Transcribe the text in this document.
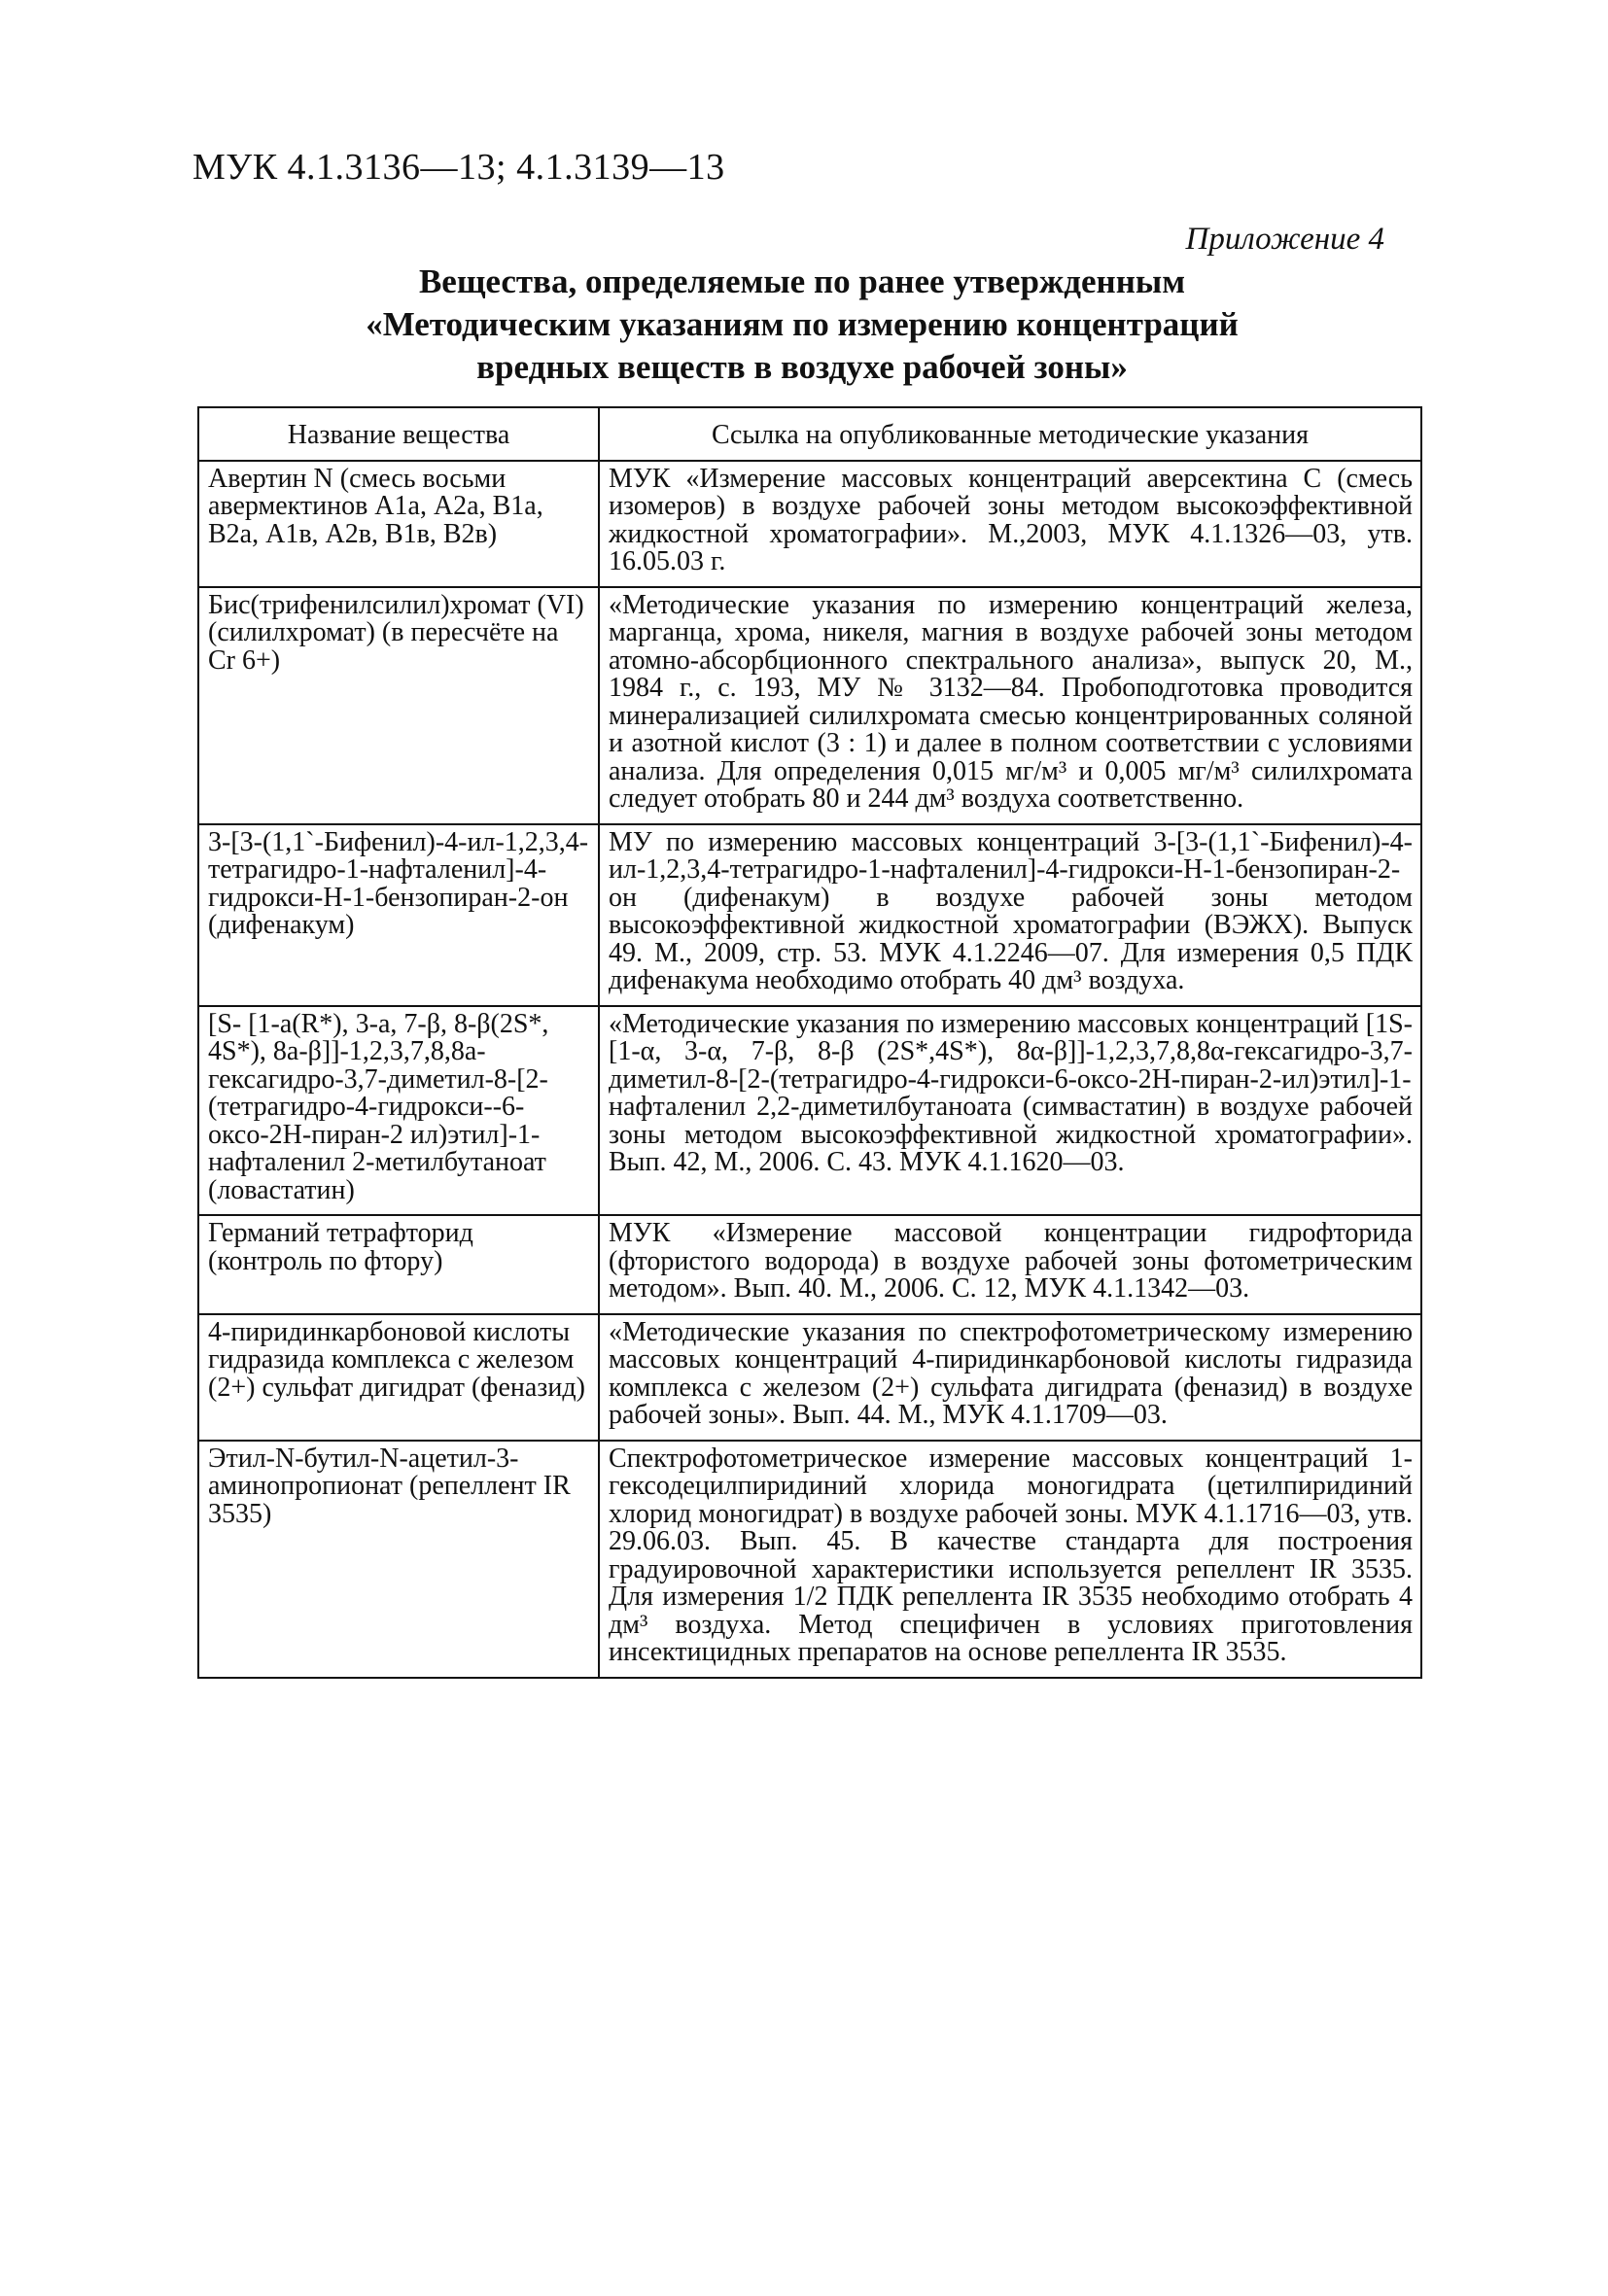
МУК 4.1.3136—13; 4.1.3139—13
Приложение 4
Вещества, определяемые по ранее утвержденным
«Методическим указаниям по измерению концентраций
вредных веществ в воздухе рабочей зоны»
Название вещества	Ссылка на опубликованные методические указания
Авертин N (смесь восьми авермектинов А1а, А2а, В1а, В2а, А1в, А2в, В1в, В2в)	МУК «Измерение массовых концентраций аверсектина С (смесь изомеров) в воздухе рабочей зоны методом высокоэффективной жидкостной хроматографии». М.,2003, МУК 4.1.1326—03, утв. 16.05.03 г.
Бис(трифенилсилил)хромат (VI) (силилхромат) (в пересчёте на Cr 6+)	«Методические указания по измерению концентраций железа, марганца, хрома, никеля, магния в воздухе рабочей зоны методом атомно-абсорбционного спектрального анализа», выпуск 20, М., 1984 г., с. 193, МУ № 3132—84. Пробоподготовка проводится минерализацией силилхромата смесью концентрированных соляной и азотной кислот (3 : 1) и далее в полном соответствии с условиями анализа. Для определения 0,015 мг/м³ и 0,005 мг/м³ силилхромата следует отобрать 80 и 244 дм³ воздуха соответственно.
3-[3-(1,1`-Бифенил)-4-ил-1,2,3,4-тетрагидро-1-нафталенил]-4-гидрокси-Н-1-бензопиран-2-он (дифенакум)	МУ по измерению массовых концентраций 3-[3-(1,1`-Бифенил)-4-ил-1,2,3,4-тетрагидро-1-нафталенил]-4-гидрокси-Н-1-бензопиран-2-он (дифенакум) в воздухе рабочей зоны методом высокоэффективной жидкостной хроматографии (ВЭЖХ). Выпуск 49. М., 2009, стр. 53. МУК 4.1.2246—07. Для измерения 0,5 ПДК дифенакума необходимо отобрать 40 дм³ воздуха.
[S- [1-a(R*), 3-a, 7-β, 8-β(2S*, 4S*), 8a-β]]-1,2,3,7,8,8a-гексагидро-3,7-диметил-8-[2-(тетрагидро-4-гидрокси--6-оксо-2Н-пиран-2 ил)этил]-1-нафталенил 2-метилбутаноат (ловастатин)	«Методические указания по измерению массовых концентраций [1S-[1-α, 3-α, 7-β, 8-β (2S*,4S*), 8α-β]]-1,2,3,7,8,8α-гексагидро-3,7-диметил-8-[2-(тетрагидро-4-гидрокси-6-оксо-2Н-пиран-2-ил)этил]-1-нафталенил 2,2-диметилбутаноата (симвастатин) в воздухе рабочей зоны методом высокоэффективной жидкостной хроматографии». Вып. 42, М., 2006. С. 43. МУК 4.1.1620—03.
Германий тетрафторид (контроль по фтору)	МУК «Измерение массовой концентрации гидрофторида (фтористого водорода) в воздухе рабочей зоны фотометрическим методом». Вып. 40. М., 2006. С. 12, МУК 4.1.1342—03.
4-пиридинкарбоновой кислоты гидразида комплекса с железом (2+) сульфат дигидрат (феназид)	«Методические указания по спектрофотометрическому измерению массовых концентраций 4-пиридинкарбоновой кислоты гидразида комплекса с железом (2+) сульфата дигидрата (феназид) в воздухе рабочей зоны». Вып. 44. М., МУК 4.1.1709—03.
Этил-N-бутил-N-ацетил-3-аминопропионат (репеллент IR 3535)	Спектрофотометрическое измерение массовых концентраций 1-гексодецилпиридиний хлорида моногидрата (цетилпиридиний хлорид моногидрат) в воздухе рабочей зоны. МУК 4.1.1716—03, утв. 29.06.03. Вып. 45. В качестве стандарта для построения градуировочной характеристики используется репеллент IR 3535. Для измерения 1/2 ПДК репеллента IR 3535 необходимо отобрать 4 дм³ воздуха. Метод специфичен в условиях приготовления инсектицидных препаратов на основе репеллента IR 3535.
